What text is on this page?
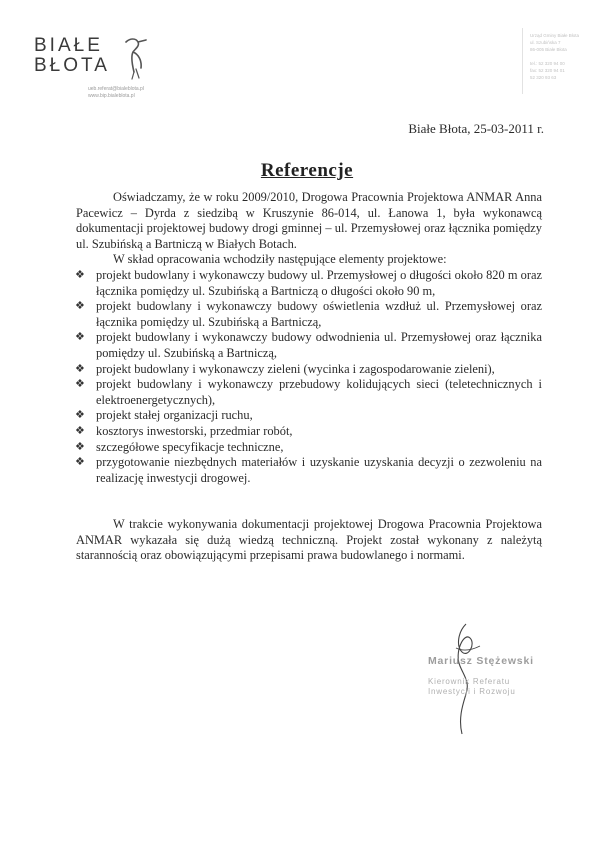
BIAŁE
BŁOTA
ueb.referat@bialeblota.pl
www.bip.bialeblota.pl
Urząd Gminy Białe Błota
ul. Szubińska 7
86-005 Białe Błota

tel.: 52 320 94 00
fax: 52 320 94 01
52 320 93 63
Białe Błota, 25-03-2011 r.
Referencje

Oświadczamy, że w roku 2009/2010, Drogowa Pracownia Projektowa ANMAR Anna Pacewicz – Dyrda z siedzibą w Kruszynie 86-014, ul. Łanowa 1, była wykonawcą dokumentacji projektowej budowy drogi gminnej – ul. Przemysłowej oraz łącznika pomiędzy ul. Szubińską a Bartniczą w Białych Botach.

W skład opracowania wchodziły następujące elementy projektowe:

❖ projekt budowlany i wykonawczy budowy ul. Przemysłowej o długości około 820 m oraz łącznika pomiędzy ul. Szubińską a Bartniczą o długości około 90 m,
❖ projekt budowlany i wykonawczy budowy oświetlenia wzdłuż ul. Przemysłowej oraz łącznika pomiędzy ul. Szubińską a Bartniczą,
❖ projekt budowlany i wykonawczy budowy odwodnienia ul. Przemysłowej oraz łącznika pomiędzy ul. Szubińską a Bartniczą,
❖ projekt budowlany i wykonawczy zieleni (wycinka i zagospodarowanie zieleni),
❖ projekt budowlany i wykonawczy przebudowy kolidujących sieci (teletechnicznych i elektroenergetycznych),
❖ projekt stałej organizacji ruchu,
❖ kosztorys inwestorski, przedmiar robót,
❖ szczegółowe specyfikacje techniczne,
❖ przygotowanie niezbędnych materiałów i uzyskanie uzyskania decyzji o zezwoleniu na realizację inwestycji drogowej.

W trakcie wykonywania dokumentacji projektowej Drogowa Pracownia Projektowa ANMAR wykazała się dużą wiedzą techniczną. Projekt został wykonany z należytą starannością oraz obowiązującymi przepisami prawa budowlanego i normami.

Mariusz Stężewski
Kierownik Referatu
Inwestycji i Rozwoju
